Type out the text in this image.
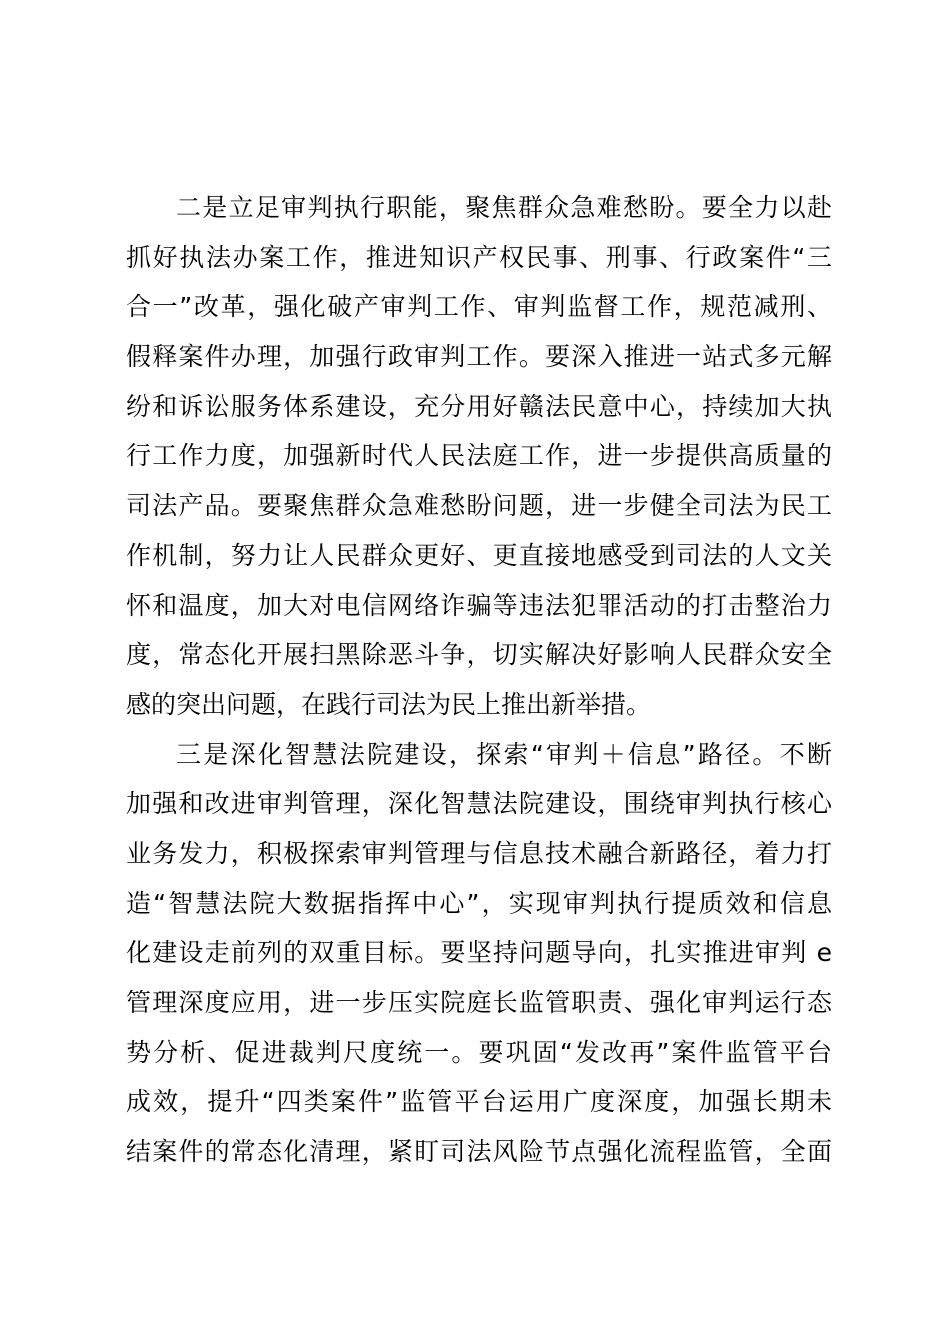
二是立足审判执行职能，聚焦群众急难愁盼。要全力以赴
抓好执法办案工作，推进知识产权民事、刑事、行政案件“三
合一”改革，强化破产审判工作、审判监督工作，规范减刑、
假释案件办理，加强行政审判工作。要深入推进一站式多元解
纷和诉讼服务体系建设，充分用好赣法民意中心，持续加大执
行工作力度，加强新时代人民法庭工作，进一步提供高质量的
司法产品。要聚焦群众急难愁盼问题，进一步健全司法为民工
作机制，努力让人民群众更好、更直接地感受到司法的人文关
怀和温度，加大对电信网络诈骗等违法犯罪活动的打击整治力
度，常态化开展扫黑除恶斗争，切实解决好影响人民群众安全
感的突出问题，在践行司法为民上推出新举措。
三是深化智慧法院建设，探索“审判＋信息”路径。不断
加强和改进审判管理，深化智慧法院建设，围绕审判执行核心
业务发力，积极探索审判管理与信息技术融合新路径，着力打
造“智慧法院大数据指挥中心”，实现审判执行提质效和信息
化建设走前列的双重目标。要坚持问题导向，扎实推进审判 e
管理深度应用，进一步压实院庭长监管职责、强化审判运行态
势分析、促进裁判尺度统一。要巩固“发改再”案件监管平台
成效，提升“四类案件”监管平台运用广度深度，加强长期未
结案件的常态化清理，紧盯司法风险节点强化流程监管，全面
